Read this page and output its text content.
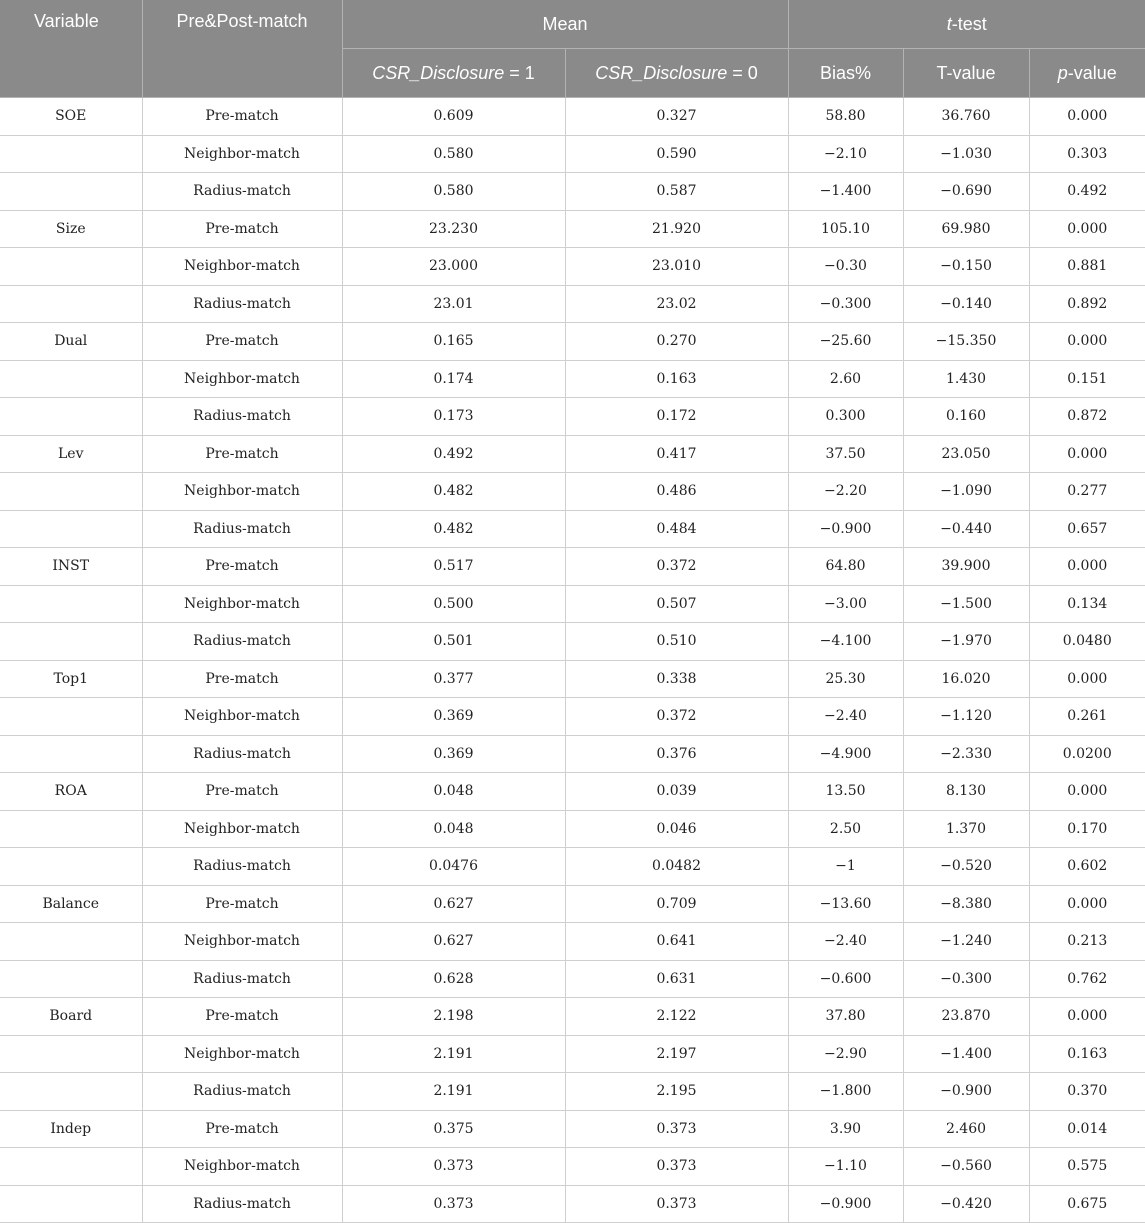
Variable	Pre&Post-match	Mean		t-test		
		CSR_Disclosure = 1	CSR_Disclosure = 0	Bias%	T-value	p-value
SOE	Pre-match	0.609	0.327	58.80	36.760	0.000
	Neighbor-match	0.580	0.590	−2.10	−1.030	0.303
	Radius-match	0.580	0.587	−1.400	−0.690	0.492
Size	Pre-match	23.230	21.920	105.10	69.980	0.000
	Neighbor-match	23.000	23.010	−0.30	−0.150	0.881
	Radius-match	23.01	23.02	−0.300	−0.140	0.892
Dual	Pre-match	0.165	0.270	−25.60	−15.350	0.000
	Neighbor-match	0.174	0.163	2.60	1.430	0.151
	Radius-match	0.173	0.172	0.300	0.160	0.872
Lev	Pre-match	0.492	0.417	37.50	23.050	0.000
	Neighbor-match	0.482	0.486	−2.20	−1.090	0.277
	Radius-match	0.482	0.484	−0.900	−0.440	0.657
INST	Pre-match	0.517	0.372	64.80	39.900	0.000
	Neighbor-match	0.500	0.507	−3.00	−1.500	0.134
	Radius-match	0.501	0.510	−4.100	−1.970	0.0480
Top1	Pre-match	0.377	0.338	25.30	16.020	0.000
	Neighbor-match	0.369	0.372	−2.40	−1.120	0.261
	Radius-match	0.369	0.376	−4.900	−2.330	0.0200
ROA	Pre-match	0.048	0.039	13.50	8.130	0.000
	Neighbor-match	0.048	0.046	2.50	1.370	0.170
	Radius-match	0.0476	0.0482	−1	−0.520	0.602
Balance	Pre-match	0.627	0.709	−13.60	−8.380	0.000
	Neighbor-match	0.627	0.641	−2.40	−1.240	0.213
	Radius-match	0.628	0.631	−0.600	−0.300	0.762
Board	Pre-match	2.198	2.122	37.80	23.870	0.000
	Neighbor-match	2.191	2.197	−2.90	−1.400	0.163
	Radius-match	2.191	2.195	−1.800	−0.900	0.370
Indep	Pre-match	0.375	0.373	3.90	2.460	0.014
	Neighbor-match	0.373	0.373	−1.10	−0.560	0.575
	Radius-match	0.373	0.373	−0.900	−0.420	0.675
